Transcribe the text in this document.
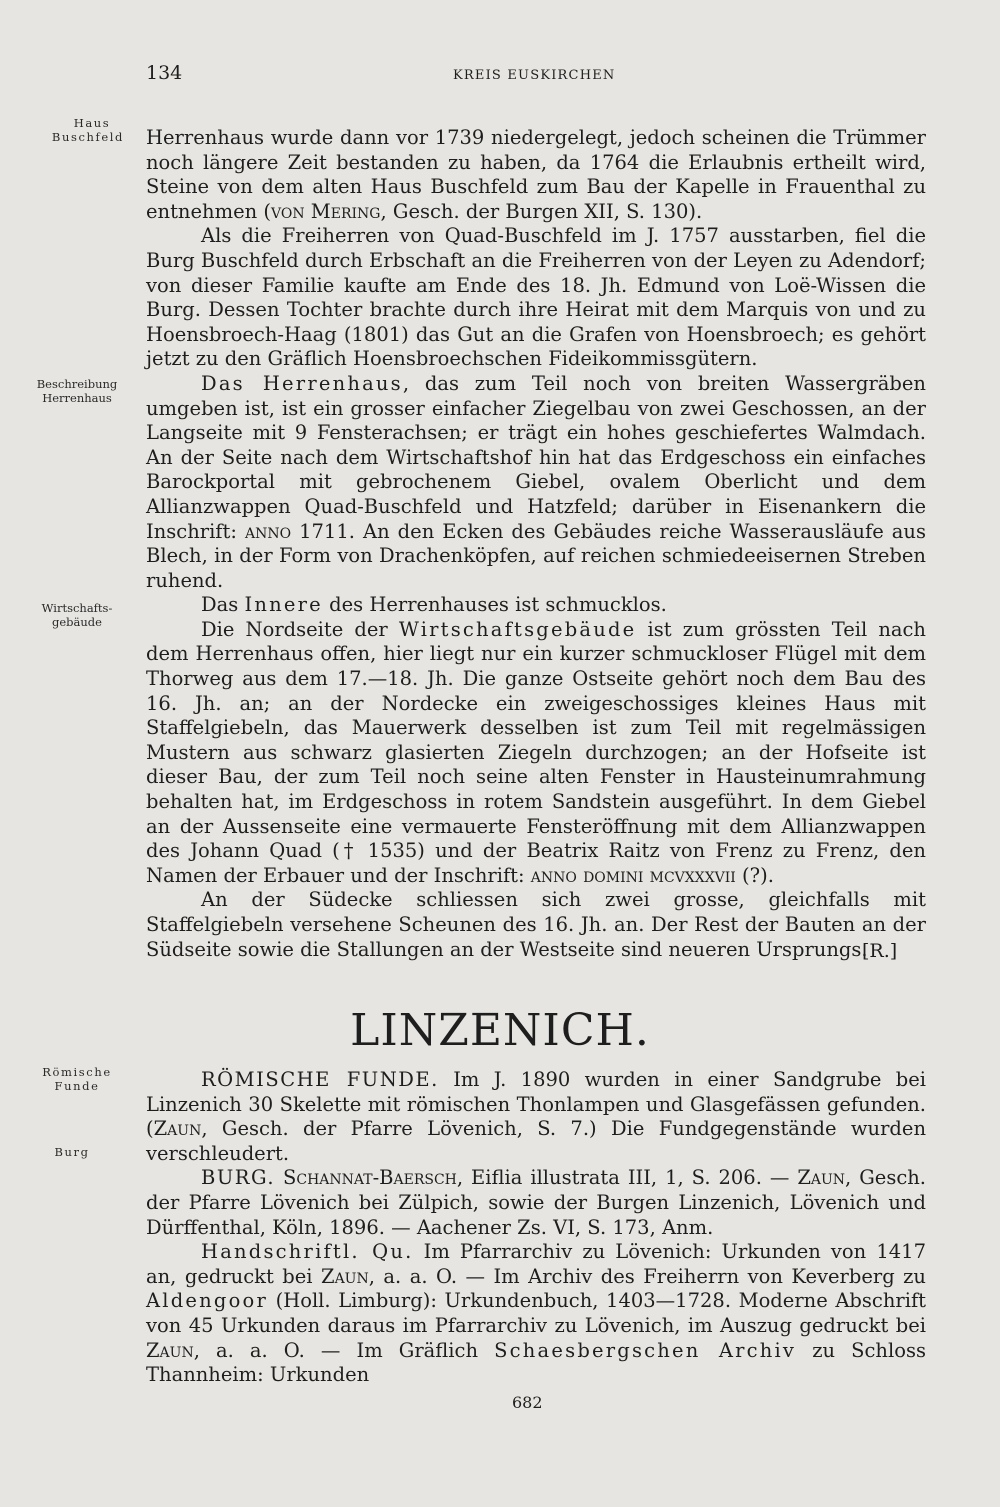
134	KREIS EUSKIRCHEN
Haus
Buschfeld
Beschreibung
Herrenhaus
Wirtschafts-
gebäude
Römische
Funde
Burg

Herrenhaus wurde dann vor 1739 niedergelegt, jedoch scheinen die Trümmer noch längere Zeit bestanden zu haben, da 1764 die Erlaubnis ertheilt wird, Steine von dem alten Haus Buschfeld zum Bau der Kapelle in Frauenthal zu entnehmen (von Mering, Gesch. der Burgen XII, S. 130).

Als die Freiherren von Quad-Buschfeld im J. 1757 ausstarben, fiel die Burg Buschfeld durch Erbschaft an die Freiherren von der Leyen zu Adendorf; von dieser Familie kaufte am Ende des 18. Jh. Edmund von Loë-Wissen die Burg. Dessen Tochter brachte durch ihre Heirat mit dem Marquis von und zu Hoensbroech-Haag (1801) das Gut an die Grafen von Hoensbroech; es gehört jetzt zu den Gräflich Hoensbroechschen Fideikommissgütern.

Das Herrenhaus, das zum Teil noch von breiten Wassergräben umgeben ist, ist ein grosser einfacher Ziegelbau von zwei Geschossen, an der Langseite mit 9 Fensterachsen; er trägt ein hohes geschiefertes Walmdach. An der Seite nach dem Wirtschaftshof hin hat das Erdgeschoss ein einfaches Barockportal mit gebrochenem Giebel, ovalem Oberlicht und dem Allianzwappen Quad-Buschfeld und Hatzfeld; darüber in Eisenankern die Inschrift: anno 1711. An den Ecken des Gebäudes reiche Wasserausläufe aus Blech, in der Form von Drachenköpfen, auf reichen schmiedeeisernen Streben ruhend.

Das Innere des Herrenhauses ist schmucklos.

Die Nordseite der Wirtschaftsgebäude ist zum grössten Teil nach dem Herrenhaus offen, hier liegt nur ein kurzer schmuckloser Flügel mit dem Thorweg aus dem 17.—18. Jh. Die ganze Ostseite gehört noch dem Bau des 16. Jh. an; an der Nordecke ein zweigeschossiges kleines Haus mit Staffelgiebeln, das Mauerwerk desselben ist zum Teil mit regelmässigen Mustern aus schwarz glasierten Ziegeln durchzogen; an der Hofseite ist dieser Bau, der zum Teil noch seine alten Fenster in Hausteinumrahmung behalten hat, im Erdgeschoss in rotem Sandstein ausgeführt. In dem Giebel an der Aussenseite eine vermauerte Fensteröffnung mit dem Allianzwappen des Johann Quad († 1535) und der Beatrix Raitz von Frenz zu Frenz, den Namen der Erbauer und der Inschrift: anno domini mcvxxxvii (?).

An der Südecke schliessen sich zwei grosse, gleichfalls mit Staffelgiebeln versehene Scheunen des 16. Jh. an. Der Rest der Bauten an der Südseite sowie die Stallungen an der Westseite sind neueren Ursprungs.

[R.]
LINZENICH.

RÖMISCHE FUNDE. Im J. 1890 wurden in einer Sandgrube bei Linzenich 30 Skelette mit römischen Thonlampen und Glasgefässen gefunden. (Zaun, Gesch. der Pfarre Lövenich, S. 7.) Die Fundgegenstände wurden verschleudert.

BURG. Schannat-Baersch, Eiflia illustrata III, 1, S. 206. — Zaun, Gesch. der Pfarre Lövenich bei Zülpich, sowie der Burgen Linzenich, Lövenich und Dürffenthal, Köln, 1896. — Aachener Zs. VI, S. 173, Anm.

Handschriftl. Qu. Im Pfarrarchiv zu Lövenich: Urkunden von 1417 an, gedruckt bei Zaun, a. a. O. — Im Archiv des Freiherrn von Keverberg zu Aldengoor (Holl. Limburg): Urkundenbuch, 1403—1728. Moderne Abschrift von 45 Urkunden daraus im Pfarrarchiv zu Lövenich, im Auszug gedruckt bei Zaun, a. a. O. — Im Gräflich Schaesbergschen Archiv zu Schloss Thannheim: Urkunden

682
